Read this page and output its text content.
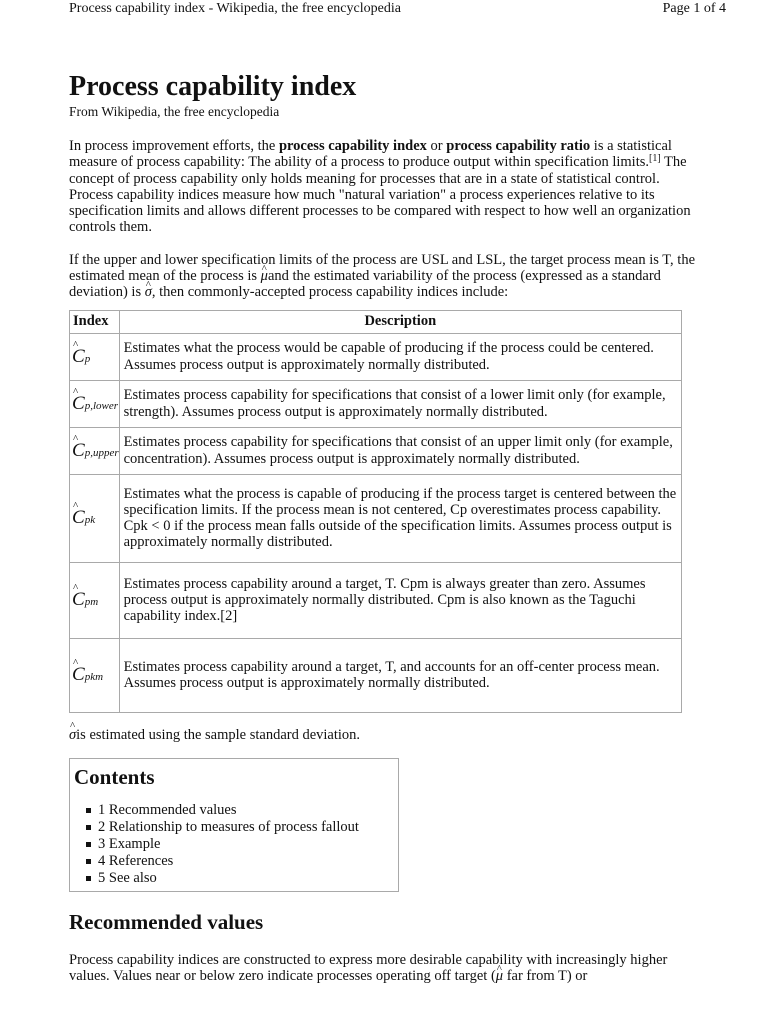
Process capability index - Wikipedia, the free encyclopedia	Page 1 of 4
Process capability index
From Wikipedia, the free encyclopedia

In process improvement efforts, the process capability index or process capability ratio is a statistical measure of process capability: The ability of a process to produce output within specification limits.[1] The concept of process capability only holds meaning for processes that are in a state of statistical control. Process capability indices measure how much "natural variation" a process experiences relative to its specification limits and allows different processes to be compared with respect to how well an organization controls them.

If the upper and lower specification limits of the process are USL and LSL, the target process mean is T, the estimated mean of the process is ^ μand the estimated variability of the process (expressed as a standard deviation) is ^ σ, then commonly-accepted process capability indices include:

Index	Description
^ Cp	Estimates what the process would be capable of producing if the process could be centered. Assumes process output is approximately normally distributed.
^ Cp,lower	Estimates process capability for specifications that consist of a lower limit only (for example, strength). Assumes process output is approximately normally distributed.
^ Cp,upper	Estimates process capability for specifications that consist of an upper limit only (for example, concentration). Assumes process output is approximately normally distributed.
^ Cpk	Estimates what the process is capable of producing if the process target is centered between the specification limits. If the process mean is not centered, Cp overestimates process capability. Cpk < 0 if the process mean falls outside of the specification limits. Assumes process output is approximately normally distributed.
^ Cpm	Estimates process capability around a target, T. Cpm is always greater than zero. Assumes process output is approximately normally distributed. Cpm is also known as the Taguchi capability index.[2]
^ Cpkm	Estimates process capability around a target, T, and accounts for an off-center process mean. Assumes process output is approximately normally distributed.
^ σis estimated using the sample standard deviation.
Contents
1 Recommended values
2 Relationship to measures of process fallout
3 Example
4 References
5 See also
Recommended values

Process capability indices are constructed to express more desirable capability with increasingly higher values. Values near or below zero indicate processes operating off target (^ μ far from T) or
